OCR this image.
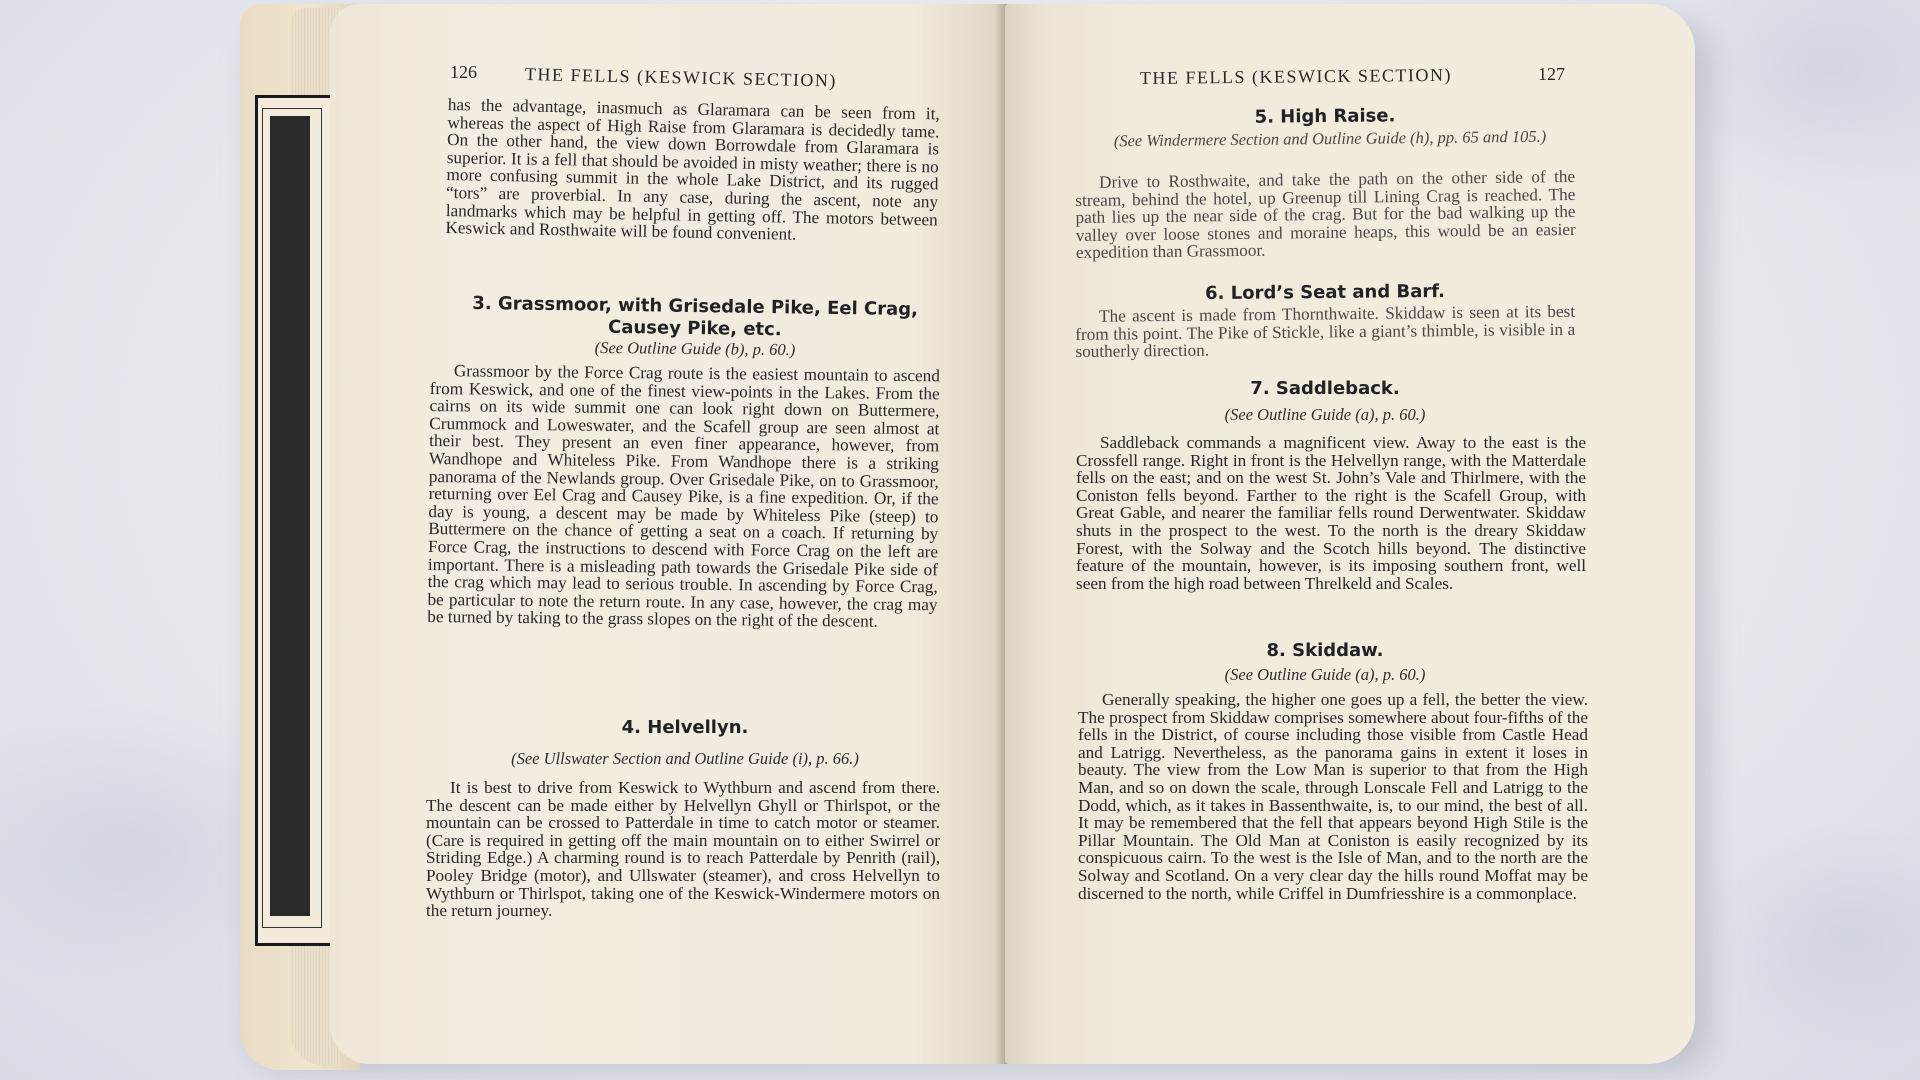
126	THE FELLS (KESWICK SECTION)

has the advantage, inasmuch as Glaramara can be seen from it, whereas the aspect of High Raise from Glaramara is decidedly tame. On the other hand, the view down Borrowdale from Glaramara is superior. It is a fell that should be avoided in misty weather; there is no more confusing summit in the whole Lake District, and its rugged “tors” are proverbial. In any case, during the ascent, note any landmarks which may be helpful in getting off. The motors between Keswick and Rosthwaite will be found convenient.

3. Grassmoor, with Grisedale Pike, Eel Crag, Causey Pike, etc.
(See Outline Guide (b), p. 60.)

Grassmoor by the Force Crag route is the easiest mountain to ascend from Keswick, and one of the finest view-points in the Lakes. From the cairns on its wide summit one can look right down on Buttermere, Crummock and Loweswater, and the Scafell group are seen almost at their best. They present an even finer appearance, however, from Wandhope and Whiteless Pike. From Wandhope there is a striking panorama of the Newlands group. Over Grisedale Pike, on to Grassmoor, returning over Eel Crag and Causey Pike, is a fine expedition. Or, if the day is young, a descent may be made by Whiteless Pike (steep) to Buttermere on the chance of getting a seat on a coach. If returning by Force Crag, the instructions to descend with Force Crag on the left are important. There is a misleading path towards the Grisedale Pike side of the crag which may lead to serious trouble. In ascending by Force Crag, be particular to note the return route. In any case, however, the crag may be turned by taking to the grass slopes on the right of the descent.

4. Helvellyn.
(See Ullswater Section and Outline Guide (i), p. 66.)

It is best to drive from Keswick to Wythburn and ascend from there. The descent can be made either by Helvellyn Ghyll or Thirlspot, or the mountain can be crossed to Patterdale in time to catch motor or steamer. (Care is required in getting off the main mountain on to either Swirrel or Striding Edge.) A charming round is to reach Patterdale by Penrith (rail), Pooley Bridge (motor), and Ullswater (steamer), and cross Helvellyn to Wythburn or Thirlspot, taking one of the Keswick-Windermere motors on the return journey.

THE FELLS (KESWICK SECTION)	127
5. High Raise.
(See Windermere Section and Outline Guide (h), pp. 65 and 105.)

Drive to Rosthwaite, and take the path on the other side of the stream, behind the hotel, up Greenup till Lining Crag is reached. The path lies up the near side of the crag. But for the bad walking up the valley over loose stones and moraine heaps, this would be an easier expedition than Grassmoor.

6. Lord’s Seat and Barf.

The ascent is made from Thornthwaite. Skiddaw is seen at its best from this point. The Pike of Stickle, like a giant’s thimble, is visible in a southerly direction.

7. Saddleback.
(See Outline Guide (a), p. 60.)

Saddleback commands a magnificent view. Away to the east is the Crossfell range. Right in front is the Helvellyn range, with the Matterdale fells on the east; and on the west St. John’s Vale and Thirlmere, with the Coniston fells beyond. Farther to the right is the Scafell Group, with Great Gable, and nearer the familiar fells round Derwentwater. Skiddaw shuts in the prospect to the west. To the north is the dreary Skiddaw Forest, with the Solway and the Scotch hills beyond. The distinctive feature of the mountain, however, is its imposing southern front, well seen from the high road between Threlkeld and Scales.

8. Skiddaw.
(See Outline Guide (a), p. 60.)

Generally speaking, the higher one goes up a fell, the better the view. The prospect from Skiddaw comprises somewhere about four-fifths of the fells in the District, of course including those visible from Castle Head and Latrigg. Nevertheless, as the panorama gains in extent it loses in beauty. The view from the Low Man is superior to that from the High Man, and so on down the scale, through Lonscale Fell and Latrigg to the Dodd, which, as it takes in Bassenthwaite, is, to our mind, the best of all. It may be remembered that the fell that appears beyond High Stile is the Pillar Mountain. The Old Man at Coniston is easily recognized by its conspicuous cairn. To the west is the Isle of Man, and to the north are the Solway and Scotland. On a very clear day the hills round Moffat may be discerned to the north, while Criffel in Dumfriesshire is a commonplace.
